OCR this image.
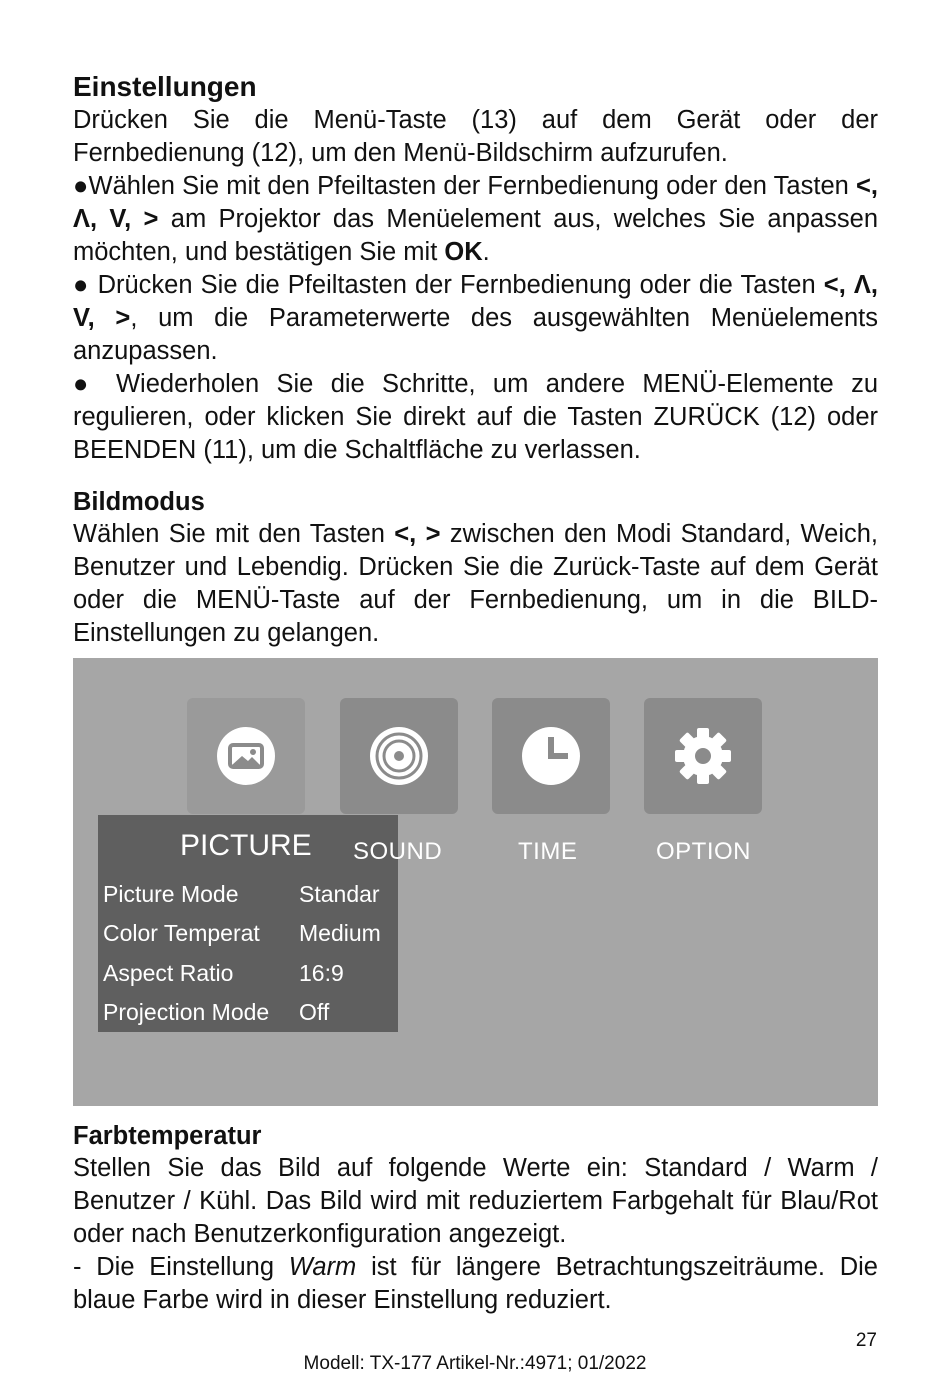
Einstellungen

Drücken Sie die Menü-Taste (13) auf dem Gerät oder der Fernbedienung (12), um den Menü-Bildschirm aufzurufen.

●Wählen Sie mit den Pfeiltasten der Fernbedienung oder den Tasten <, Λ, V, > am Projektor das Menüelement aus, welches Sie anpassen möchten, und bestätigen Sie mit OK.

● Drücken Sie die Pfeiltasten der Fernbedienung oder die Tasten <, Λ, V, >, um die Parameterwerte des ausgewählten Menüelements anzupassen.

● Wiederholen Sie die Schritte, um andere MENÜ-Elemente zu regulieren, oder klicken Sie direkt auf die Tasten ZURÜCK (12) oder BEENDEN (11), um die Schaltfläche zu verlassen.

Bildmodus

Wählen Sie mit den Tasten <, > zwischen den Modi Standard, Weich, Benutzer und Lebendig. Drücken Sie die Zurück-Taste auf dem Gerät oder die MENÜ-Taste auf der Fernbedienung, um in die BILD-Einstellungen zu gelangen.

PICTURE
Picture Mode	Standar
Color Temperat Medium
Aspect Ratio	16:9
Projection Mode Off
SOUND	TIME	OPTION
Farbtemperatur

Stellen Sie das Bild auf folgende Werte ein: Standard / Warm / Benutzer / Kühl. Das Bild wird mit reduziertem Farbgehalt für Blau/Rot oder nach Benutzerkonfiguration angezeigt.

- Die Einstellung Warm ist für längere Betrachtungszeiträume. Die blaue Farbe wird in dieser Einstellung reduziert.

27
Modell: TX-177 Artikel-Nr.:4971; 01/2022
